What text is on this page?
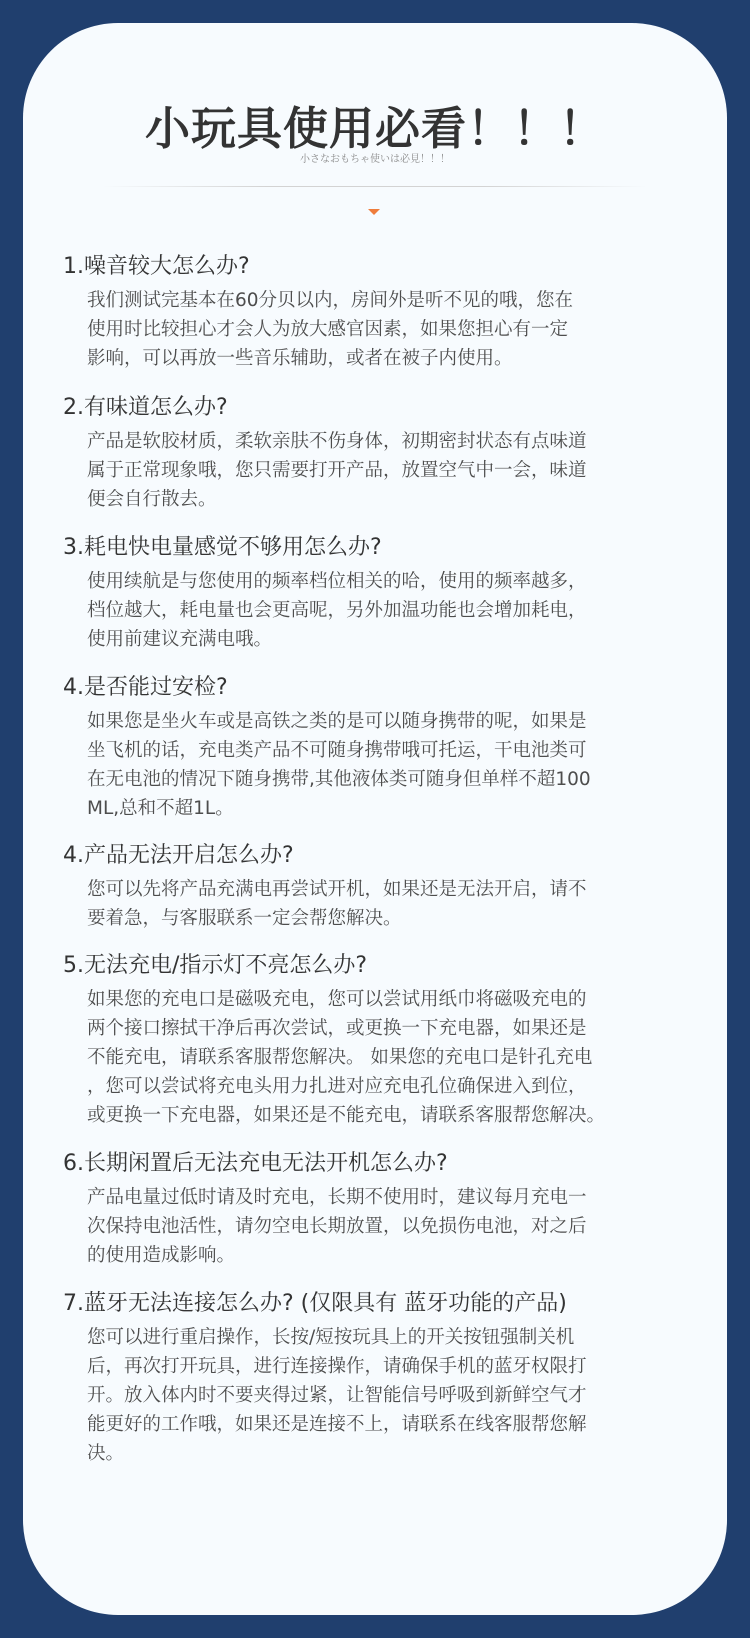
小玩具使用必看！！！
小さなおもちゃ使いは必見！！！

1.噪音较大怎么办?

我们测试完基本在60分贝以内，房间外是听不见的哦，您在
使用时比较担心才会人为放大感官因素，如果您担心有一定
影响，可以再放一些音乐辅助，或者在被子内使用。

2.有味道怎么办?

产品是软胶材质，柔软亲肤不伤身体，初期密封状态有点味道
属于正常现象哦，您只需要打开产品，放置空气中一会，味道
便会自行散去。

3.耗电快电量感觉不够用怎么办?

使用续航是与您使用的频率档位相关的哈，使用的频率越多，
档位越大，耗电量也会更高呢，另外加温功能也会增加耗电，
使用前建议充满电哦。

4.是否能过安检?

如果您是坐火车或是高铁之类的是可以随身携带的呢，如果是
坐飞机的话，充电类产品不可随身携带哦可托运，干电池类可
在无电池的情况下随身携带,其他液体类可随身但单样不超100
ML,总和不超1L。

4.产品无法开启怎么办?

您可以先将产品充满电再尝试开机，如果还是无法开启，请不
要着急，与客服联系一定会帮您解决。

5.无法充电/指示灯不亮怎么办?

如果您的充电口是磁吸充电，您可以尝试用纸巾将磁吸充电的
两个接口擦拭干净后再次尝试，或更换一下充电器，如果还是
不能充电，请联系客服帮您解决。 如果您的充电口是针孔充电
，您可以尝试将充电头用力扎进对应充电孔位确保进入到位，
或更换一下充电器，如果还是不能充电，请联系客服帮您解决。

6.长期闲置后无法充电无法开机怎么办?

产品电量过低时请及时充电，长期不使用时，建议每月充电一
次保持电池活性，请勿空电长期放置，以免损伤电池，对之后
的使用造成影响。

7.蓝牙无法连接怎么办? (仅限具有 蓝牙功能的产品)

您可以进行重启操作，长按/短按玩具上的开关按钮强制关机
后，再次打开玩具，进行连接操作，请确保手机的蓝牙权限打
开。放入体内时不要夹得过紧，让智能信号呼吸到新鲜空气才
能更好的工作哦，如果还是连接不上，请联系在线客服帮您解
决。
